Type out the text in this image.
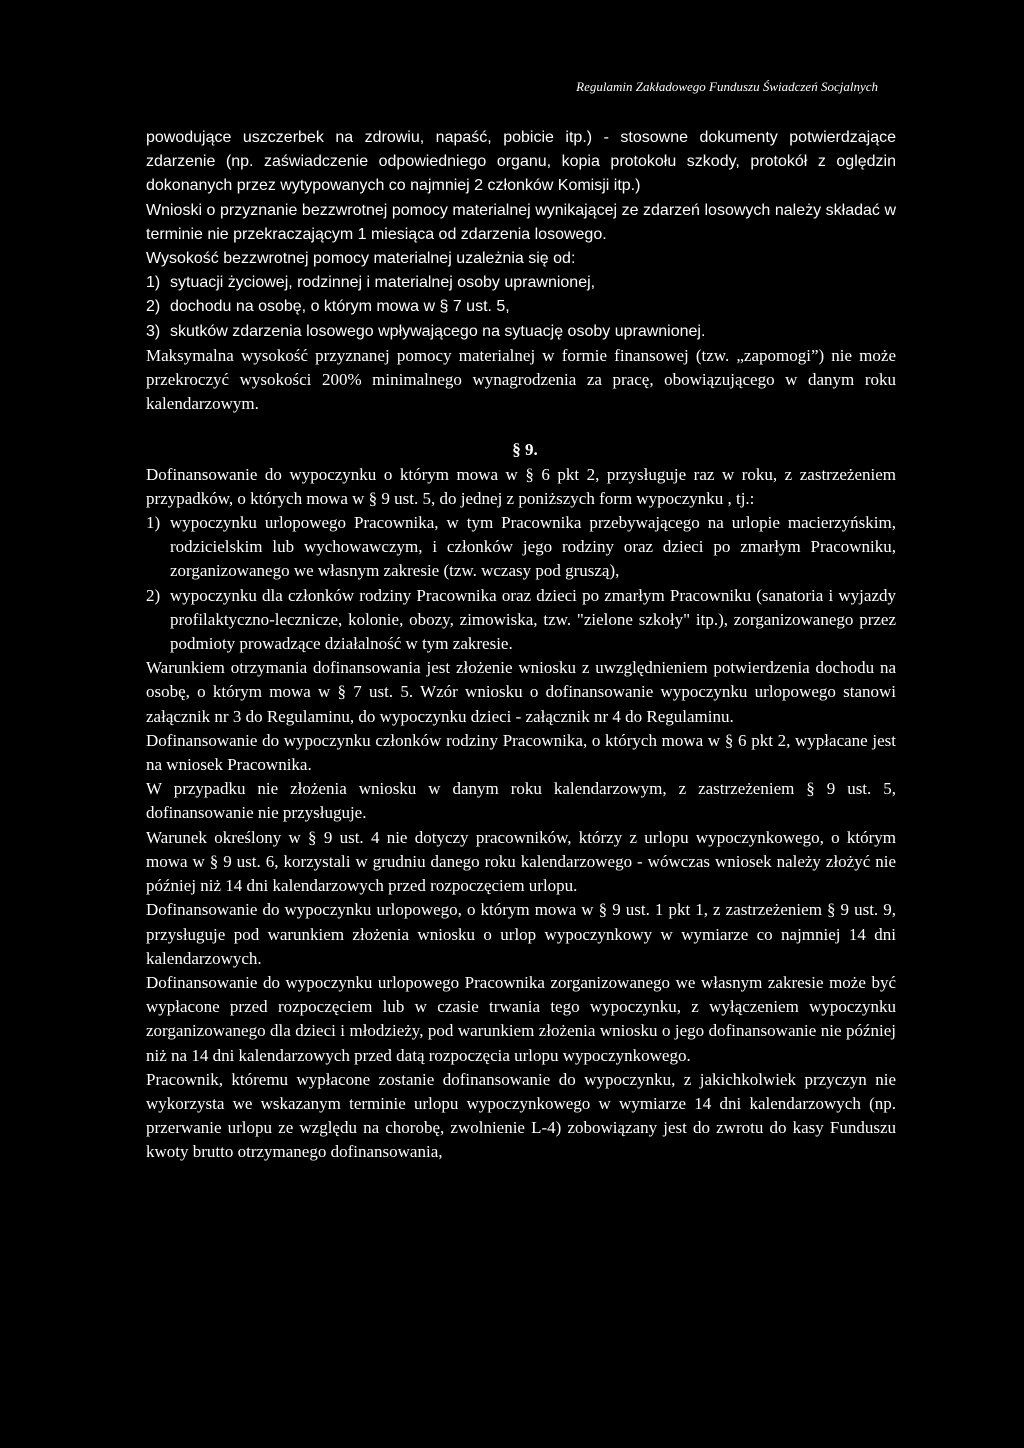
Regulamin Zakładowego Funduszu Świadczeń Socjalnych

powodujące uszczerbek na zdrowiu, napaść, pobicie itp.) - stosowne dokumenty potwierdzające zdarzenie (np. zaświadczenie odpowiedniego organu, kopia protokołu szkody, protokół z oględzin dokonanych przez wytypowanych co najmniej 2 członków Komisji itp.)

Wnioski o przyznanie bezzwrotnej pomocy materialnej wynikającej ze zdarzeń losowych należy składać w terminie nie przekraczającym 1 miesiąca od zdarzenia losowego.

Wysokość bezzwrotnej pomocy materialnej uzależnia się od:

1) sytuacji życiowej, rodzinnej i materialnej osoby uprawnionej,
2) dochodu na osobę, o którym mowa w § 7 ust. 5,
3) skutków zdarzenia losowego wpływającego na sytuację osoby uprawnionej.

Maksymalna wysokość przyznanej pomocy materialnej w formie finansowej (tzw. „zapomogi”) nie może przekroczyć wysokości 200% minimalnego wynagrodzenia za pracę, obowiązującego w danym roku kalendarzowym.

§ 9.

Dofinansowanie do wypoczynku o którym mowa w § 6 pkt 2, przysługuje raz w roku, z zastrzeżeniem przypadków, o których mowa w § 9 ust. 5, do jednej z poniższych form wypoczynku , tj.:

1) wypoczynku urlopowego Pracownika, w tym Pracownika przebywającego na urlopie macierzyńskim, rodzicielskim lub wychowawczym, i członków jego rodziny oraz dzieci po zmarłym Pracowniku, zorganizowanego we własnym zakresie (tzw. wczasy pod gruszą),
2) wypoczynku dla członków rodziny Pracownika oraz dzieci po zmarłym Pracowniku (sanatoria i wyjazdy profilaktyczno-lecznicze, kolonie, obozy, zimowiska, tzw. "zielone szkoły" itp.), zorganizowanego przez podmioty prowadzące działalność w tym zakresie.

Warunkiem otrzymania dofinansowania jest złożenie wniosku z uwzględnieniem potwierdzenia dochodu na osobę, o którym mowa w § 7 ust. 5. Wzór wniosku o dofinansowanie wypoczynku urlopowego stanowi załącznik nr 3 do Regulaminu, do wypoczynku dzieci - załącznik nr 4 do Regulaminu.

Dofinansowanie do wypoczynku członków rodziny Pracownika, o których mowa w § 6 pkt 2, wypłacane jest na wniosek Pracownika.

W przypadku nie złożenia wniosku w danym roku kalendarzowym, z zastrzeżeniem § 9 ust. 5, dofinansowanie nie przysługuje.

Warunek określony w § 9 ust. 4 nie dotyczy pracowników, którzy z urlopu wypoczynkowego, o którym mowa w § 9 ust. 6, korzystali w grudniu danego roku kalendarzowego - wówczas wniosek należy złożyć nie później niż 14 dni kalendarzowych przed rozpoczęciem urlopu.

Dofinansowanie do wypoczynku urlopowego, o którym mowa w § 9 ust. 1 pkt 1, z zastrzeżeniem § 9 ust. 9, przysługuje pod warunkiem złożenia wniosku o urlop wypoczynkowy w wymiarze co najmniej 14 dni kalendarzowych.

Dofinansowanie do wypoczynku urlopowego Pracownika zorganizowanego we własnym zakresie może być wypłacone przed rozpoczęciem lub w czasie trwania tego wypoczynku, z wyłączeniem wypoczynku zorganizowanego dla dzieci i młodzieży, pod warunkiem złożenia wniosku o jego dofinansowanie nie później niż na 14 dni kalendarzowych przed datą rozpoczęcia urlopu wypoczynkowego.

Pracownik, któremu wypłacone zostanie dofinansowanie do wypoczynku, z jakichkolwiek przyczyn nie wykorzysta we wskazanym terminie urlopu wypoczynkowego w wymiarze 14 dni kalendarzowych (np. przerwanie urlopu ze względu na chorobę, zwolnienie L-4) zobowiązany jest do zwrotu do kasy Funduszu kwoty brutto otrzymanego dofinansowania,
